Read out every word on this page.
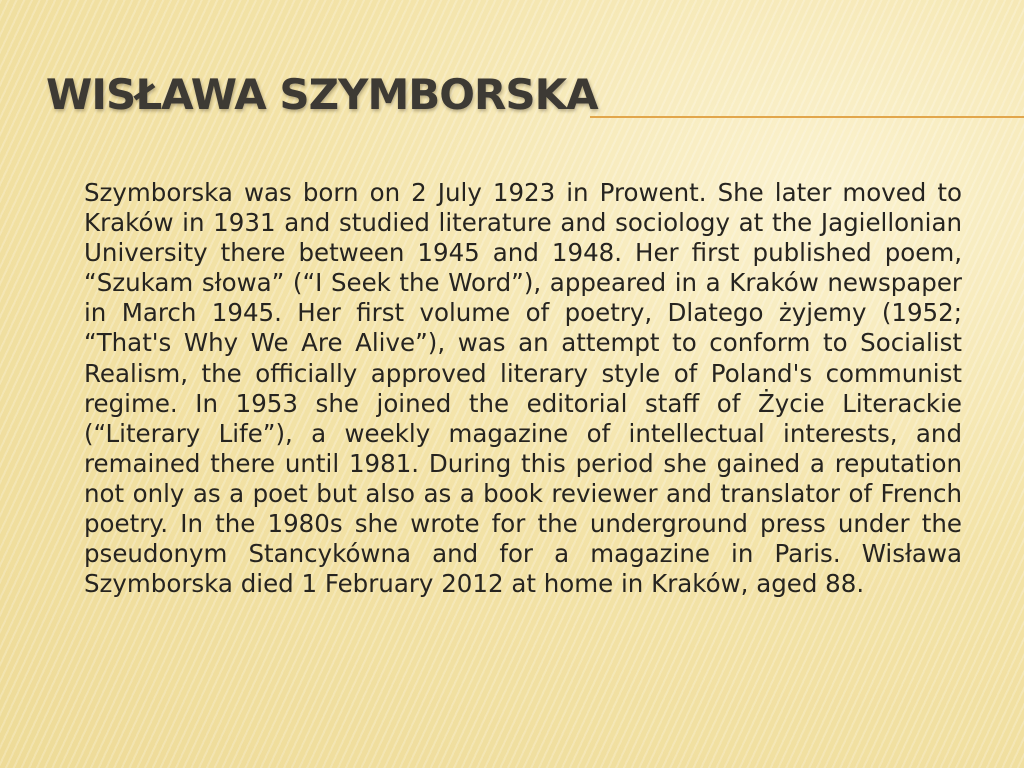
WISŁAWA SZYMBORSKA

Szymborska was born on 2 July 1923 in Prowent. She later moved to Kraków in 1931 and studied literature and sociology at the Jagiellonian University there between 1945 and 1948. Her first published poem, “Szukam słowa” (“I Seek the Word”), appeared in a Kraków newspaper in March 1945. Her first volume of poetry, Dlatego żyjemy (1952; “That's Why We Are Alive”), was an attempt to conform to Socialist Realism, the officially approved literary style of Poland's communist regime. In 1953 she joined the editorial staff of Życie Literackie (“Literary Life”), a weekly magazine of intellectual interests, and remained there until 1981. During this period she gained a reputation not only as a poet but also as a book reviewer and translator of French poetry. In the 1980s she wrote for the underground press under the pseudonym Stancykówna and for a magazine in Paris. Wisława Szymborska died 1 February 2012 at home in Kraków, aged 88.
